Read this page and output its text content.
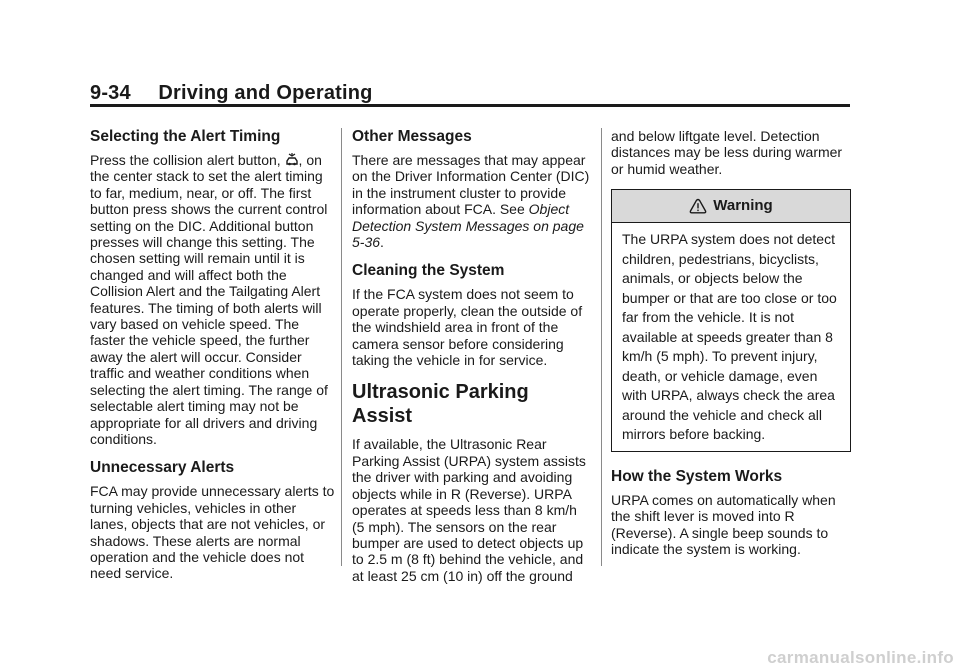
9-34 Driving and Operating
Selecting the Alert Timing

Press the collision alert button, , on the center stack to set the alert timing to far, medium, near, or off. The first button press shows the current control setting on the DIC. Additional button presses will change this setting. The chosen setting will remain until it is changed and will affect both the Collision Alert and the Tailgating Alert features. The timing of both alerts will vary based on vehicle speed. The faster the vehicle speed, the further away the alert will occur. Consider traffic and weather conditions when selecting the alert timing. The range of selectable alert timing may not be appropriate for all drivers and driving conditions.

Unnecessary Alerts

FCA may provide unnecessary alerts to turning vehicles, vehicles in other lanes, objects that are not vehicles, or shadows. These alerts are normal operation and the vehicle does not need service.

Other Messages

There are messages that may appear on the Driver Information Center (DIC) in the instrument cluster to provide information about FCA. See Object Detection System Messages on page 5-36.

Cleaning the System

If the FCA system does not seem to operate properly, clean the outside of the windshield area in front of the camera sensor before considering taking the vehicle in for service.

Ultrasonic Parking Assist

If available, the Ultrasonic Rear Parking Assist (URPA) system assists the driver with parking and avoiding objects while in R (Reverse). URPA operates at speeds less than 8 km/h (5 mph). The sensors on the rear bumper are used to detect objects up to 2.5 m (8 ft) behind the vehicle, and at least 25 cm (10 in) off the ground

and below liftgate level. Detection distances may be less during warmer or humid weather.

Warning
The URPA system does not detect children, pedestrians, bicyclists, animals, or objects below the bumper or that are too close or too far from the vehicle. It is not available at speeds greater than 8 km/h (5 mph). To prevent injury, death, or vehicle damage, even with URPA, always check the area around the vehicle and check all mirrors before backing.
How the System Works

URPA comes on automatically when the shift lever is moved into R (Reverse). A single beep sounds to indicate the system is working.

carmanualsonline.info
